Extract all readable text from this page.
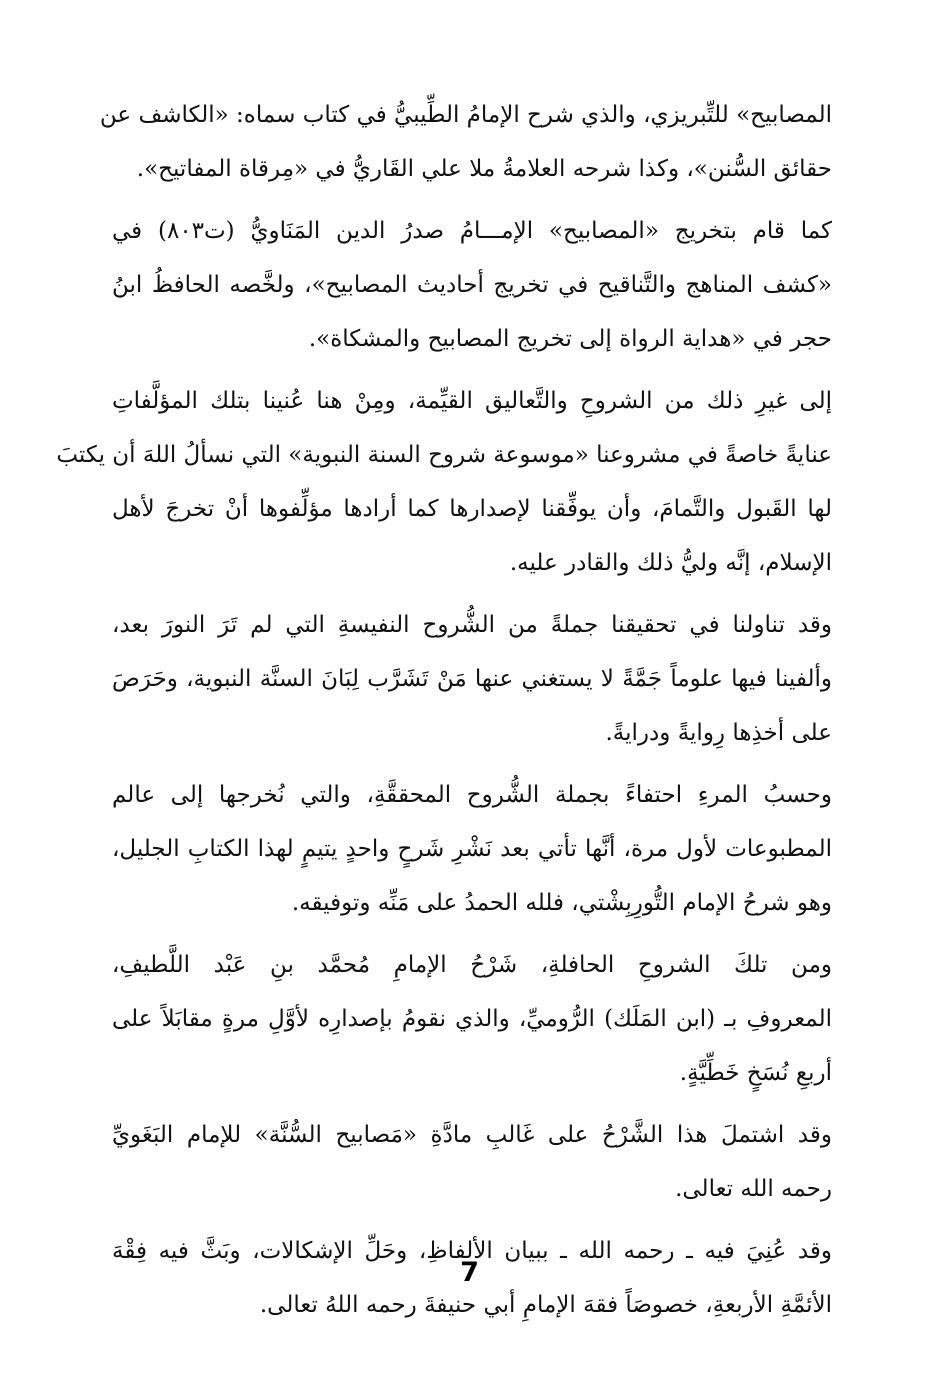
المصابيح» للتِّبريزي، والذي شرح الإمامُ الطِّيبيُّ في كتاب سماه: «الكاشف عن
حقائق السُّنن»، وكذا شرحه العلامةُ ملا علي القَاريُّ في «مِرقاة المفاتيح».
كما قام بتخريج «المصابيح» الإمـــامُ صدرُ الدين المَنَاويُّ (ت٨٠٣) في
«كشف المناهج والتَّناقيح في تخريج أحاديث المصابيح»، ولخَّصه الحافظُ ابنُ
حجر في «هداية الرواة إلى تخريج المصابيح والمشكاة».
إلى غيرِ ذلك من الشروحِ والتَّعاليق القيِّمة، ومِنْ هنا عُنينا بتلك المؤلَّفاتِ
عنايةً خاصةً في مشروعنا «موسوعة شروح السنة النبوية» التي نسألُ اللهَ أن يكتبَ
لها القَبول والتَّمامَ، وأن يوفِّقنا لإصدارها كما أرادها مؤلِّفوها أنْ تخرجَ لأهل
الإسلام، إنَّه وليُّ ذلك والقادر عليه.
وقد تناولنا في تحقيقنا جملةً من الشُّروح النفيسةِ التي لم تَرَ النورَ بعد،
وألفينا فيها علوماً جَمَّةً لا يستغني عنها مَنْ تَشَرَّب لِبَانَ السنَّة النبوية، وحَرَصَ
على أخذِها رِوايةً ودرايةً.
وحسبُ المرءِ احتفاءً بجملة الشُّروح المحققَّةِ، والتي نُخرجها إلى عالم
المطبوعات لأول مرة، أنَّها تأتي بعد نَشْرِ شَرحٍ واحدٍ يتيمٍ لهذا الكتابِ الجليل،
وهو شرحُ الإمام التُّورِبِشْتي، فلله الحمدُ على مَنِّه وتوفيقه.
ومن تلكَ الشروحِ الحافلةِ، شَرْحُ الإمامِ مُحمَّد بنِ عَبْد اللَّطيفِ،
المعروفِ بـ (ابن المَلَك) الرُّوميِّ، والذي نقومُ بإصدارِه لأوَّلِ مرةٍ مقابَلاً على
أربعِ نُسَخٍ خَطِّيَّةٍ.
وقد اشتملَ هذا الشَّرْحُ على غَالبِ مادَّةِ «مَصابيح السُّنَّة» للإمام البَغَويِّ
رحمه الله تعالى.
وقد عُنِيَ فيه ـ رحمه الله ـ ببيان الألفاظِ، وحَلِّ الإشكالات، وبَثَّ فيه فِقْهَ
الأئمَّةِ الأربعةِ، خصوصَاً فقهَ الإمامِ أبي حنيفةَ رحمه اللهُ تعالى.
7
